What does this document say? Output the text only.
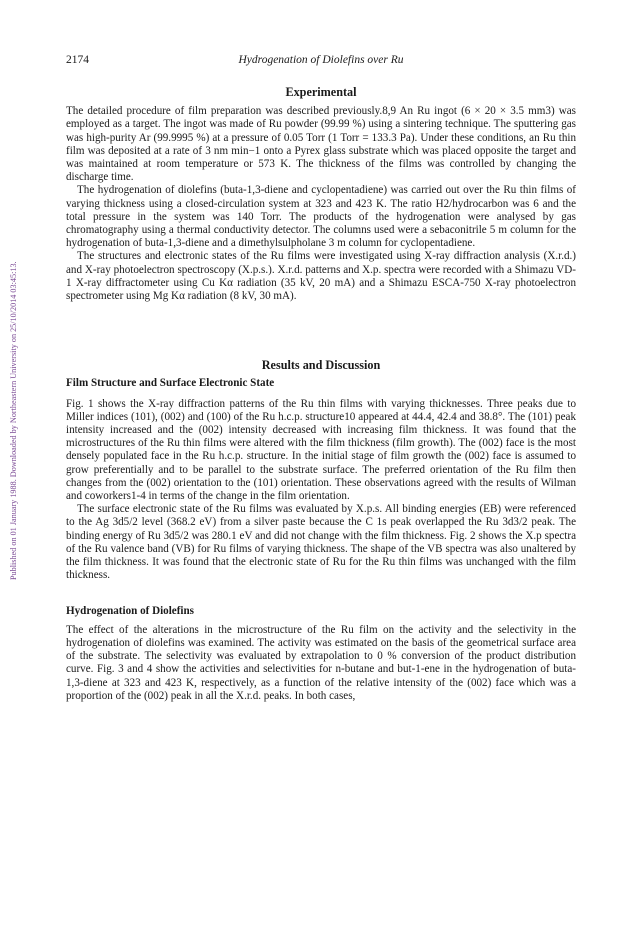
2174	Hydrogenation of Diolefins over Ru
Published on 01 January 1988. Downloaded by Northeastern University on 25/10/2014 03:45:13.
Experimental

The detailed procedure of film preparation was described previously.8,9 An Ru ingot (6 × 20 × 3.5 mm3) was employed as a target. The ingot was made of Ru powder (99.99 %) using a sintering technique. The sputtering gas was high-purity Ar (99.9995 %) at a pressure of 0.05 Torr (1 Torr = 133.3 Pa). Under these conditions, an Ru thin film was deposited at a rate of 3 nm min−1 onto a Pyrex glass substrate which was placed opposite the target and was maintained at room temperature or 573 K. The thickness of the films was controlled by changing the discharge time.

The hydrogenation of diolefins (buta-1,3-diene and cyclopentadiene) was carried out over the Ru thin films of varying thickness using a closed-circulation system at 323 and 423 K. The ratio H2/hydrocarbon was 6 and the total pressure in the system was 140 Torr. The products of the hydrogenation were analysed by gas chromatography using a thermal conductivity detector. The columns used were a sebaconitrile 5 m column for the hydrogenation of buta-1,3-diene and a dimethylsulpholane 3 m column for cyclopentadiene.

The structures and electronic states of the Ru films were investigated using X-ray diffraction analysis (X.r.d.) and X-ray photoelectron spectroscopy (X.p.s.). X.r.d. patterns and X.p. spectra were recorded with a Shimazu VD-1 X-ray diffractometer using Cu Kα radiation (35 kV, 20 mA) and a Shimazu ESCA-750 X-ray photoelectron spectrometer using Mg Kα radiation (8 kV, 30 mA).

Results and Discussion
Film Structure and Surface Electronic State

Fig. 1 shows the X-ray diffraction patterns of the Ru thin films with varying thicknesses. Three peaks due to Miller indices (101), (002) and (100) of the Ru h.c.p. structure10 appeared at 44.4, 42.4 and 38.8°. The (101) peak intensity increased and the (002) intensity decreased with increasing film thickness. It was found that the microstructures of the Ru thin films were altered with the film thickness (film growth). The (002) face is the most densely populated face in the Ru h.c.p. structure. In the initial stage of film growth the (002) face is assumed to grow preferentially and to be parallel to the substrate surface. The preferred orientation of the Ru film then changes from the (002) orientation to the (101) orientation. These observations agreed with the results of Wilman and coworkers1-4 in terms of the change in the film orientation.

The surface electronic state of the Ru films was evaluated by X.p.s. All binding energies (EB) were referenced to the Ag 3d5/2 level (368.2 eV) from a silver paste because the C 1s peak overlapped the Ru 3d3/2 peak. The binding energy of Ru 3d5/2 was 280.1 eV and did not change with the film thickness. Fig. 2 shows the X.p spectra of the Ru valence band (VB) for Ru films of varying thickness. The shape of the VB spectra was also unaltered by the film thickness. It was found that the electronic state of Ru for the Ru thin films was unchanged with the film thickness.

Hydrogenation of Diolefins

The effect of the alterations in the microstructure of the Ru film on the activity and the selectivity in the hydrogenation of diolefins was examined. The activity was estimated on the basis of the geometrical surface area of the substrate. The selectivity was evaluated by extrapolation to 0 % conversion of the product distribution curve. Fig. 3 and 4 show the activities and selectivities for n-butane and but-1-ene in the hydrogenation of buta-1,3-diene at 323 and 423 K, respectively, as a function of the relative intensity of the (002) face which was a proportion of the (002) peak in all the X.r.d. peaks. In both cases,
